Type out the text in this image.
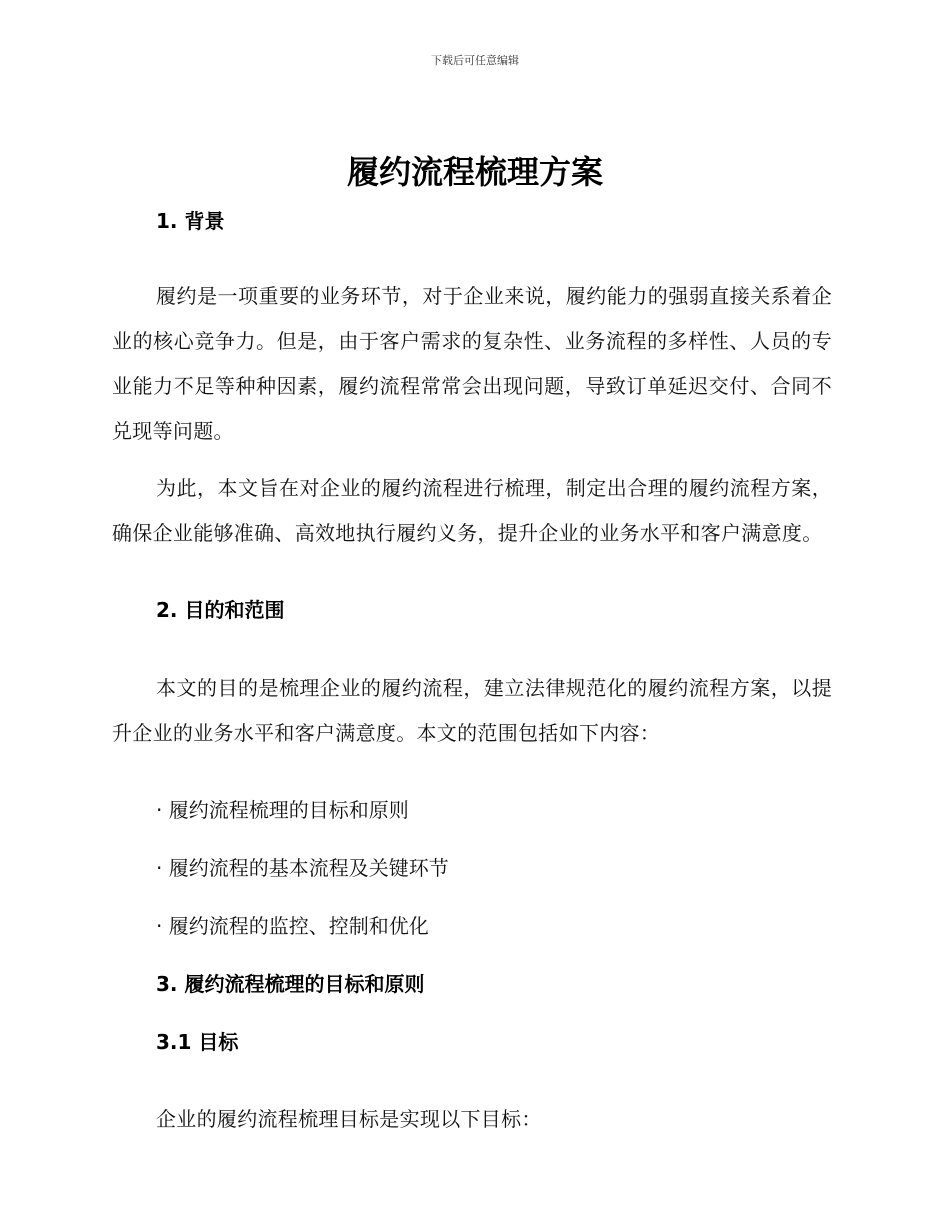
下载后可任意编辑
履约流程梳理方案

1. 背景

履约是一项重要的业务环节，对于企业来说，履约能力的强弱直接关系着企业的核心竞争力。但是，由于客户需求的复杂性、业务流程的多样性、人员的专业能力不足等种种因素，履约流程常常会出现问题，导致订单延迟交付、合同不兑现等问题。

为此，本文旨在对企业的履约流程进行梳理，制定出合理的履约流程方案，确保企业能够准确、高效地执行履约义务，提升企业的业务水平和客户满意度。

2. 目的和范围

本文的目的是梳理企业的履约流程，建立法律规范化的履约流程方案，以提升企业的业务水平和客户满意度。本文的范围包括如下内容：

· 履约流程梳理的目标和原则

· 履约流程的基本流程及关键环节

· 履约流程的监控、控制和优化

3. 履约流程梳理的目标和原则

3.1 目标

企业的履约流程梳理目标是实现以下目标：
